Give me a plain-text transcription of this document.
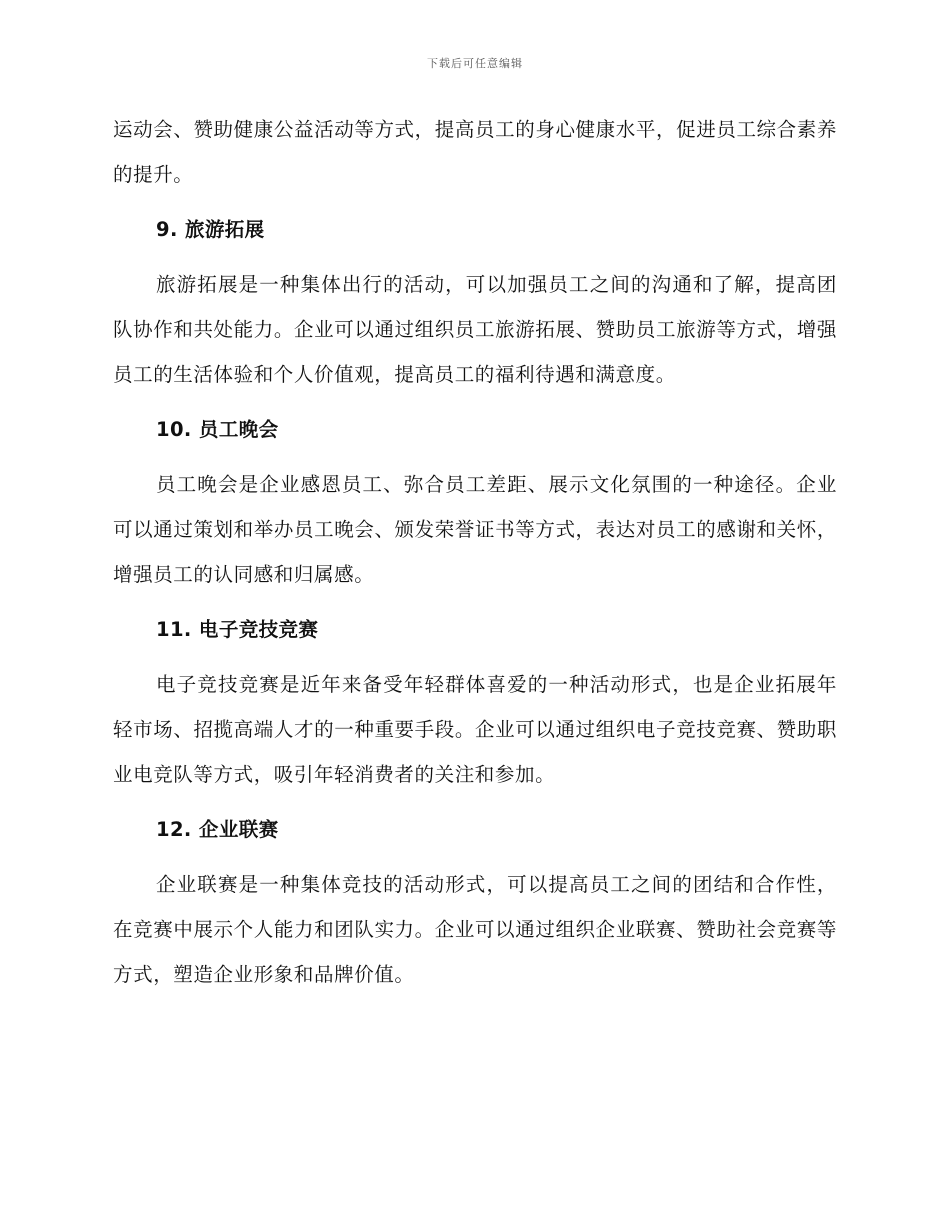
下载后可任意编辑

运动会、赞助健康公益活动等方式，提高员工的身心健康水平，促进员工综合素养的提升。

9. 旅游拓展

旅游拓展是一种集体出行的活动，可以加强员工之间的沟通和了解，提高团队协作和共处能力。企业可以通过组织员工旅游拓展、赞助员工旅游等方式，增强员工的生活体验和个人价值观，提高员工的福利待遇和满意度。

10. 员工晚会

员工晚会是企业感恩员工、弥合员工差距、展示文化氛围的一种途径。企业可以通过策划和举办员工晚会、颁发荣誉证书等方式，表达对员工的感谢和关怀，增强员工的认同感和归属感。

11. 电子竞技竞赛

电子竞技竞赛是近年来备受年轻群体喜爱的一种活动形式，也是企业拓展年轻市场、招揽高端人才的一种重要手段。企业可以通过组织电子竞技竞赛、赞助职业电竞队等方式，吸引年轻消费者的关注和参加。

12. 企业联赛

企业联赛是一种集体竞技的活动形式，可以提高员工之间的团结和合作性，在竞赛中展示个人能力和团队实力。企业可以通过组织企业联赛、赞助社会竞赛等方式，塑造企业形象和品牌价值。
